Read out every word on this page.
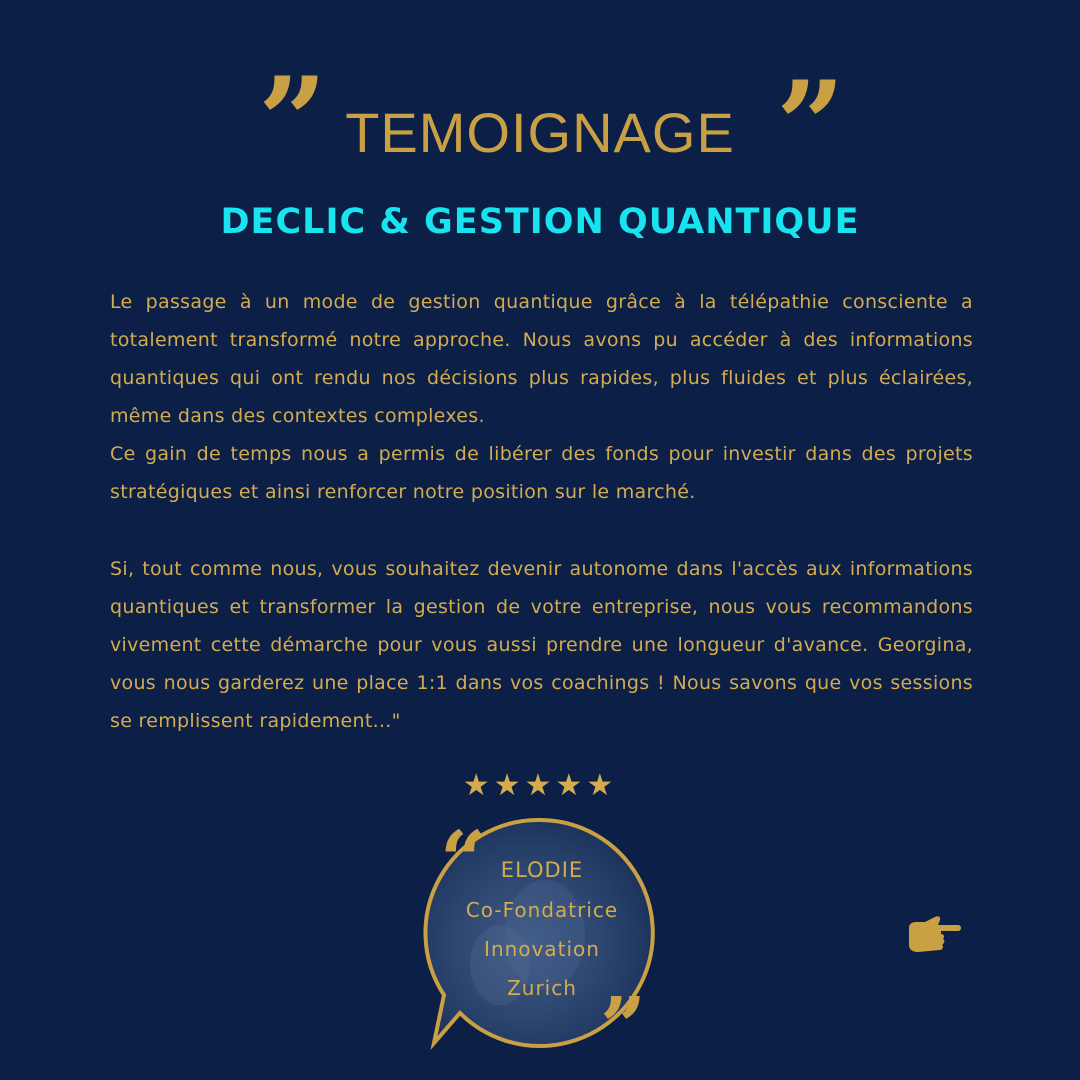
” TEMOIGNAGE ”
DECLIC & GESTION QUANTIQUE
Le passage à un mode de gestion quantique grâce à la télépathie consciente a totalement transformé notre approche. Nous avons pu accéder à des informations quantiques qui ont rendu nos décisions plus rapides, plus fluides et plus éclairées, même dans des contextes complexes.
Ce gain de temps nous a permis de libérer des fonds pour investir dans des projets stratégiques et ainsi renforcer notre position sur le marché.
Si, tout comme nous, vous souhaitez devenir autonome dans l'accès aux informations quantiques et transformer la gestion de votre entreprise, nous vous recommandons vivement cette démarche pour vous aussi prendre une longueur d'avance. Georgina, vous nous garderez une place 1:1 dans vos coachings ! Nous savons que vos sessions se remplissent rapidement..."
★★★★★
“ ELODIE
Co-Fondatrice
Innovation
Zurich ”
